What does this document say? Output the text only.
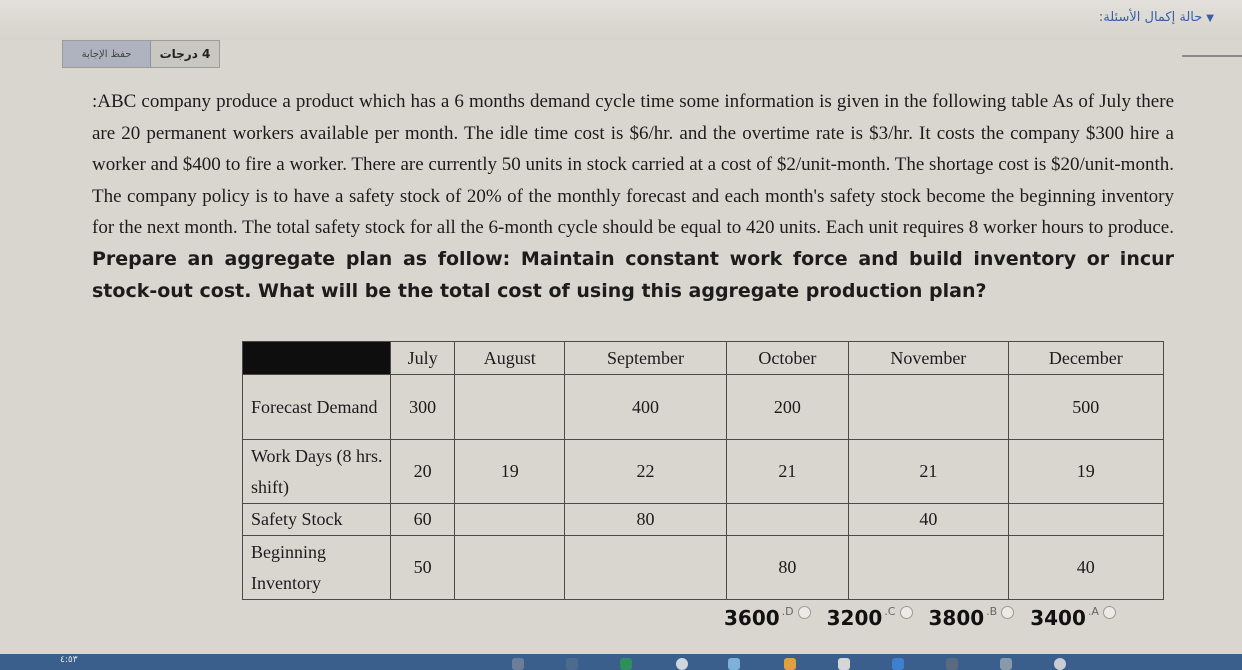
▼حالة إكمال الأسئلة:
حفظ الإجابة	4 درجات
:ABC company produce a product which has a 6 months demand cycle time some information is given in the following table As of July there are 20 permanent workers available per month. The idle time cost is $6/hr. and the overtime rate is $3/hr. It costs the company $300 hire a worker and $400 to fire a worker. There are currently 50 units in stock carried at a cost of $2/unit-month. The shortage cost is $20/unit-month. The company policy is to have a safety stock of 20% of the monthly forecast and each month's safety stock become the beginning inventory for the next month. The total safety stock for all the 6-month cycle should be equal to 420 units. Each unit requires 8 worker hours to produce. Prepare an aggregate plan as follow: Maintain constant work force and build inventory or incur stock-out cost. What will be the total cost of using this aggregate production plan?
	July	August	September	October	November	December
Forecast Demand	300		400	200		500
Work Days (8 hrs. shift)	20	19	22	21	21	19
Safety Stock	60		80		40	
Beginning Inventory	50			80		40
3600 .D 3200 .C 3800 .B 3400 .A
٤:٥٣
